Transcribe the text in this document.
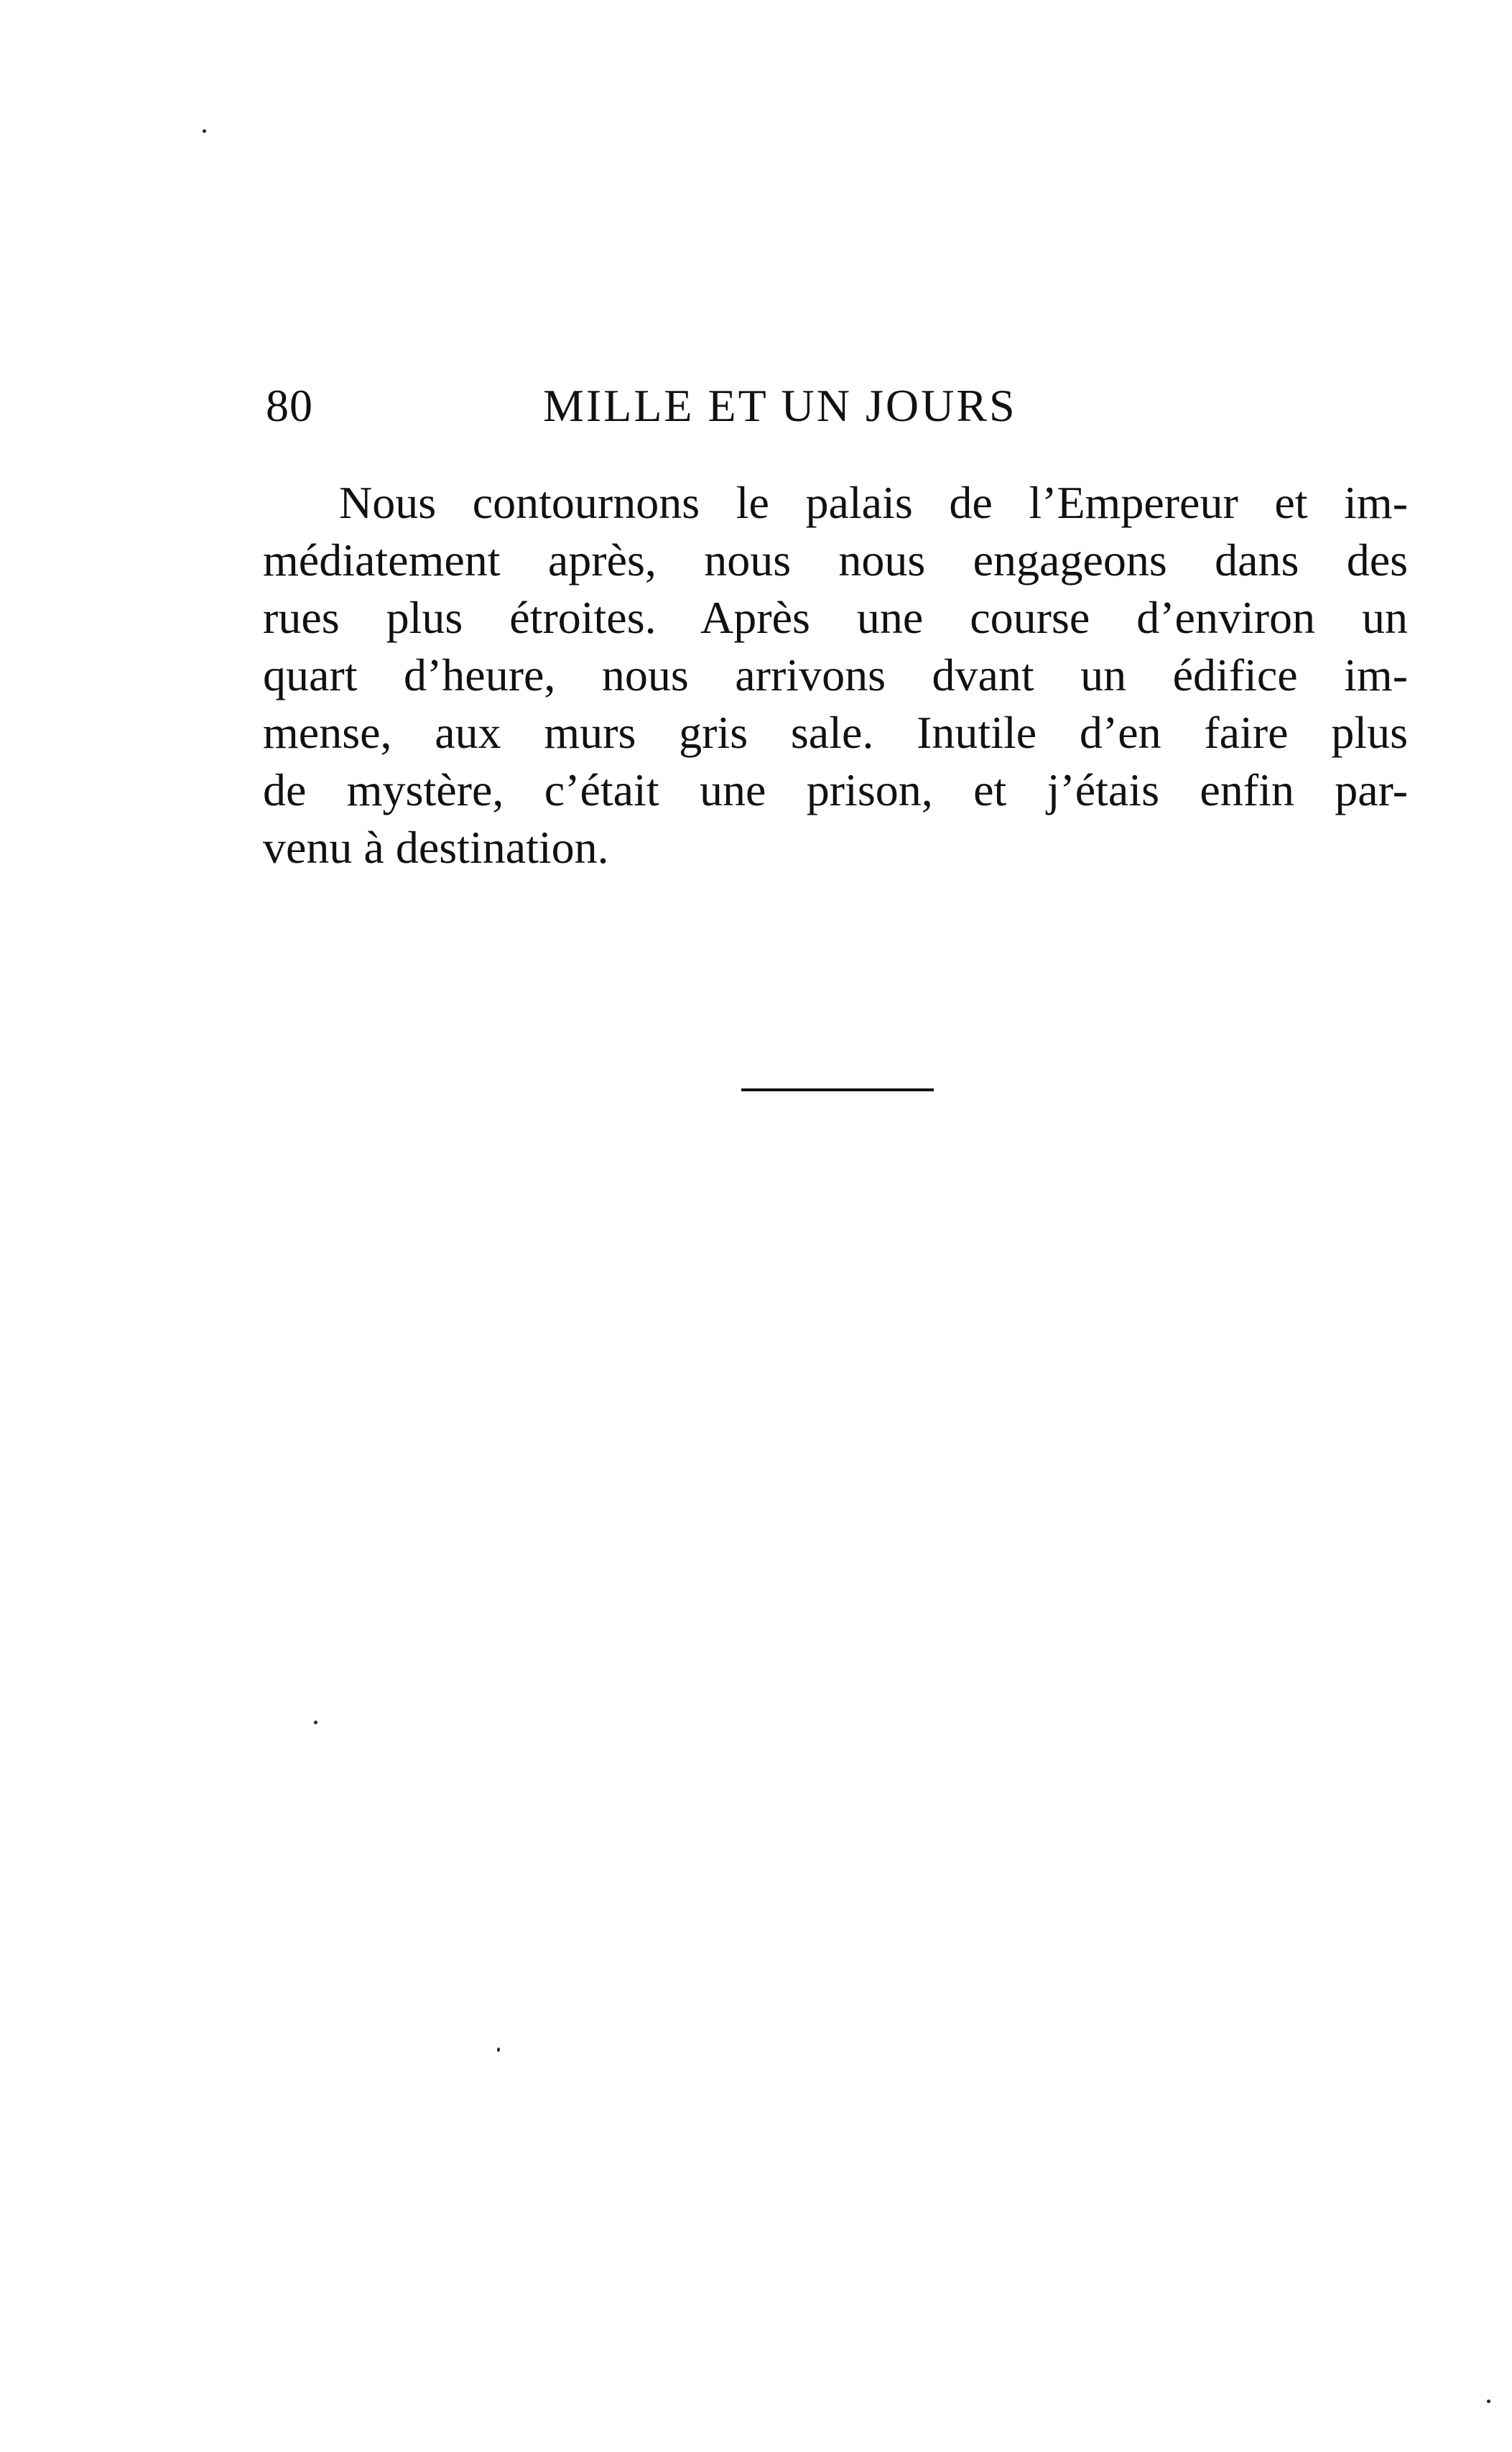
80	MILLE ET UN JOURS

Nous contournons le palais de l’Empereur et im-

médiatement après, nous nous engageons dans des

rues plus étroites. Après une course d’environ un

quart d’heure, nous arrivons dvant un édifice im-

mense, aux murs gris sale. Inutile d’en faire plus

de mystère, c’était une prison, et j’étais enfin par-

venu à destination.
